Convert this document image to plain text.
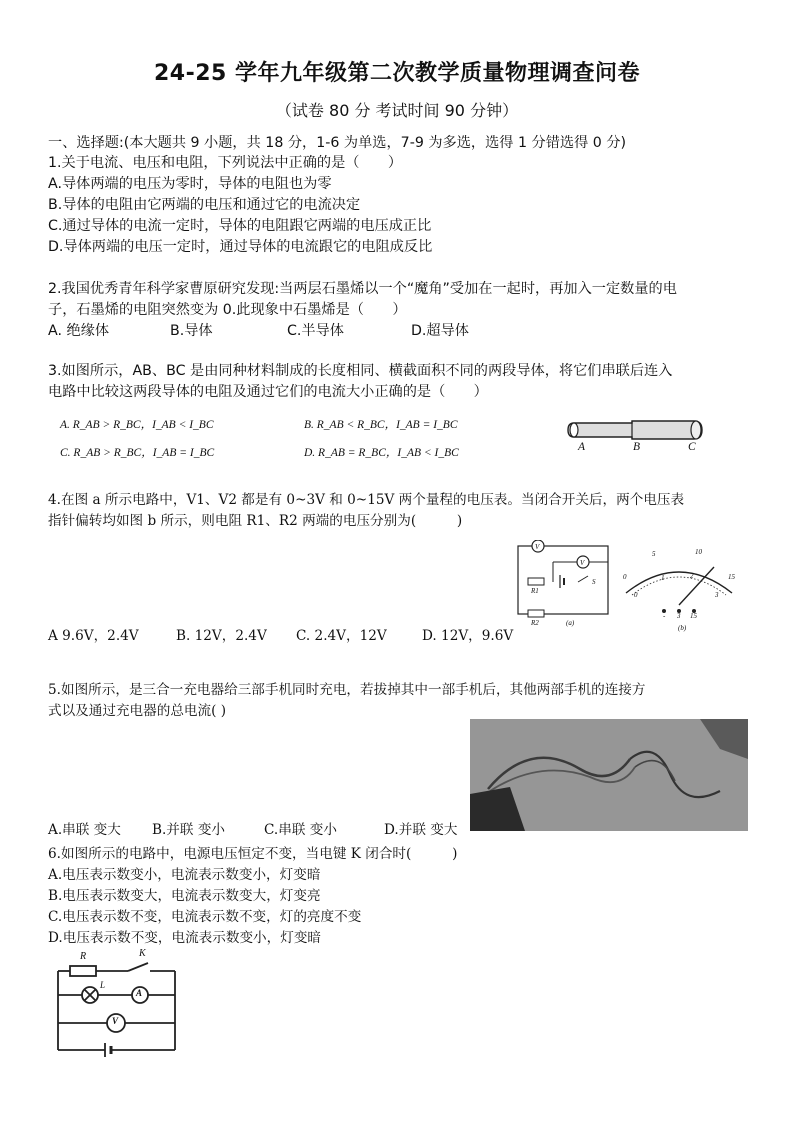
24-25 学年九年级第二次教学质量物理调查问卷
（试卷 80 分 考试时间 90 分钟）
一、选择题:(本大题共 9 小题，共 18 分，1-6 为单选，7-9 为多选，选得 1 分错选得 0 分)
1.关于电流、电压和电阻，下列说法中正确的是（　　）
A.导体两端的电压为零时，导体的电阻也为零
B.导体的电阻由它两端的电压和通过它的电流决定
C.通过导体的电流一定时，导体的电阻跟它两端的电压成正比
D.导体两端的电压一定时，通过导体的电流跟它的电阻成反比
2.我国优秀青年科学家曹原研究发现:当两层石墨烯以一个“魔角”受加在一起时，再加入一定数量的电
子，石墨烯的电阻突然变为 0.此现象中石墨烯是（　　）
A. 绝缘体	B.导体	C.半导体	D.超导体
3.如图所示，AB、BC 是由同种材料制成的长度相同、横截面积不同的两段导体，将它们串联后连入
电路中比较这两段导体的电阻及通过它们的电流大小正确的是（　　）
A. R_AB > R_BC，I_AB < I_BC	B. R_AB < R_BC，I_AB = I_BC
C. R_AB > R_BC，I_AB = I_BC	D. R_AB = R_BC，I_AB < I_BC	A	B	C
4.在图 a 所示电路中，V1、V2 都是有 0~3V 和 0~15V 两个量程的电压表。当闭合开关后，两个电压表
指针偏转均如图 b 所示，则电阻 R1、R2 两端的电压分别为(　　　)
V
V
R1
R2
S
(a)
0
5	10
15
0
1	2
3
- 3 15
(b)
A 9.6V，2.4V	B. 12V，2.4V C. 2.4V，12V	D. 12V，9.6V
5.如图所示，是三合一充电器给三部手机同时充电，若拔掉其中一部手机后，其他两部手机的连接方
式以及通过充电器的总电流( )
A.串联 变大 B.并联 变小	C.串联 变小	D.并联 变大
6.如图所示的电路中，电源电压恒定不变，当电键 K 闭合时(　　　)
A.电压表示数变小，电流表示数变小，灯变暗
B.电压表示数变大，电流表示数变大，灯变亮
C.电压表示数不变，电流表示数不变，灯的亮度不变
D.电压表示数不变，电流表示数变小，灯变暗
R	K
L
A
V
